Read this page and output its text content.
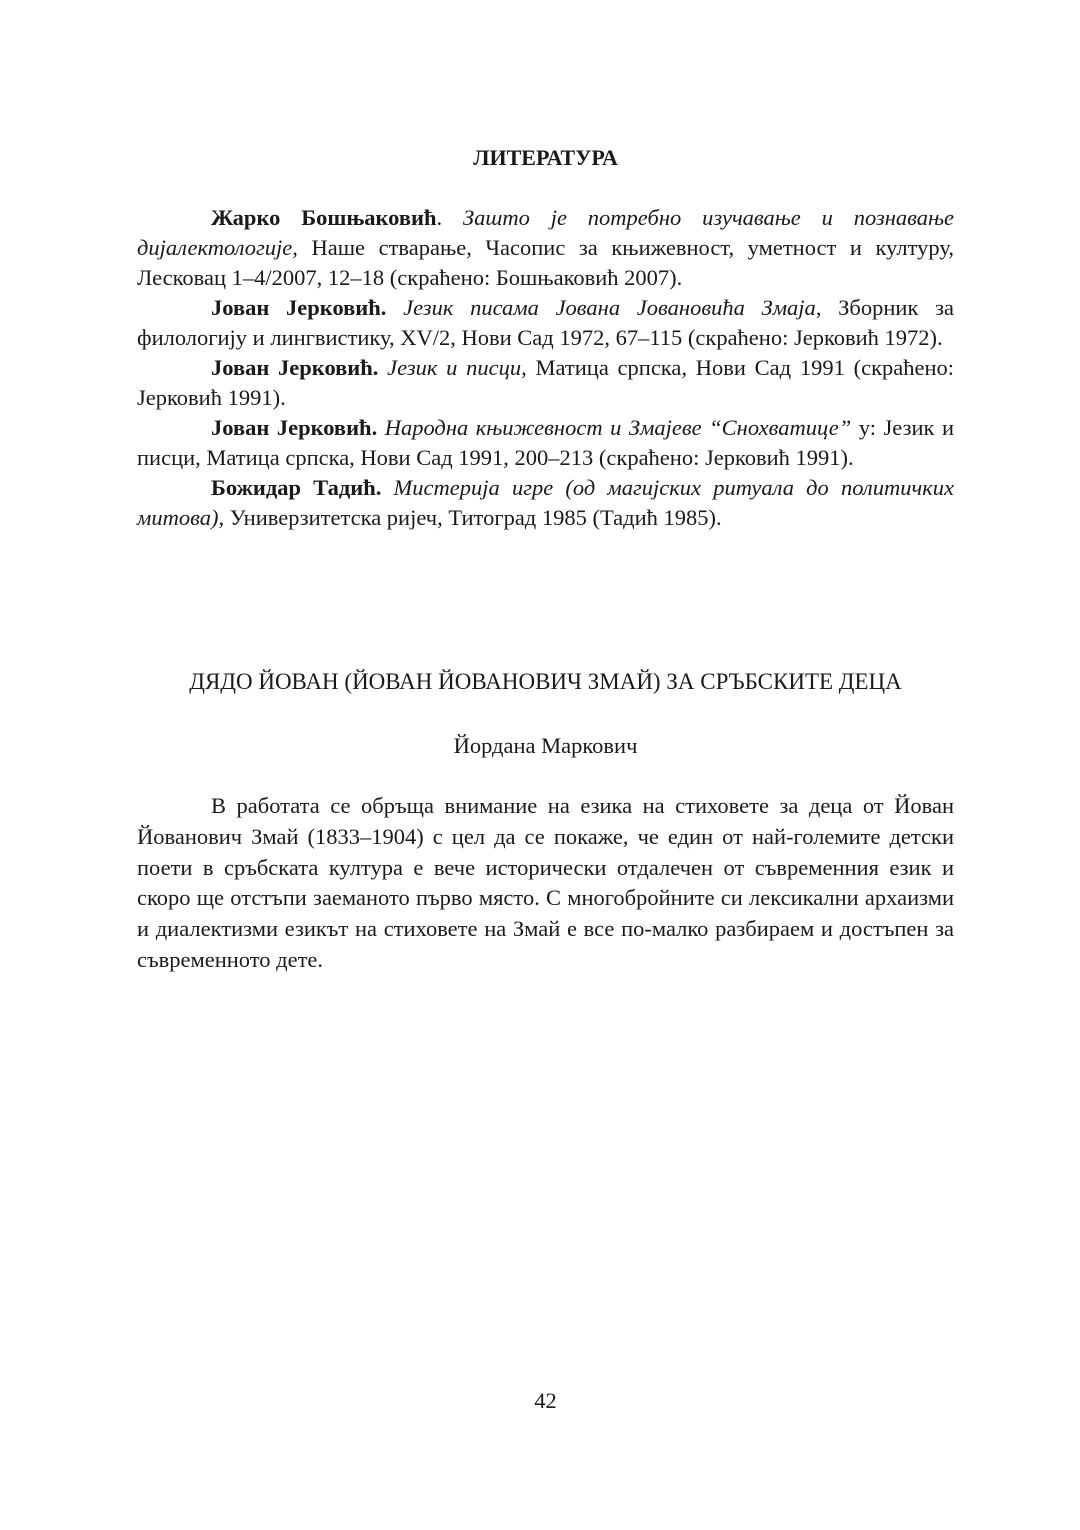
ЛИТЕРАТУРА

Жарко Бошњаковић. Зашто је потребно изучавање и познавање дијалектологије, Наше стварање, Часопис за књижевност, уметност и културу, Лесковац 1–4/2007, 12–18 (скраћено: Бошњаковић 2007).

Јован Јерковић. Језик писама Јована Јовановића Змаја, Зборник за филологију и лингвистику, XV/2, Нови Сад 1972, 67–115 (скраћено: Јерковић 1972).

Јован Јерковић. Језик и писци, Матица српска, Нови Сад 1991 (скраћено: Јерковић 1991).

Јован Јерковић. Народна књижевност и Змајеве “Снохватице” у: Језик и писци, Матица српска, Нови Сад 1991, 200–213 (скраћено: Јерковић 1991).

Божидар Тадић. Мистерија игре (од магијских ритуала до политичких митова), Универзитетска ријеч, Титоград 1985 (Тадић 1985).

ДЯДО ЙОВАН (ЙОВАН ЙОВАНОВИЧ ЗМАЙ) ЗА СРЪБСКИТЕ ДЕЦА
Йордана Маркович

В работата се обръща внимание на езика на стиховете за деца от Йован Йованович Змай (1833–1904) с цел да се покаже, че един от най-големите детски поети в сръбската култура е вече исторически отдалечен от съвременния език и скоро ще отстъпи заеманото първо място. С многобройните си лексикални архаизми и диалектизми езикът на стиховете на Змай е все по-малко разбираем и достъпен за съвременното дете.

42
